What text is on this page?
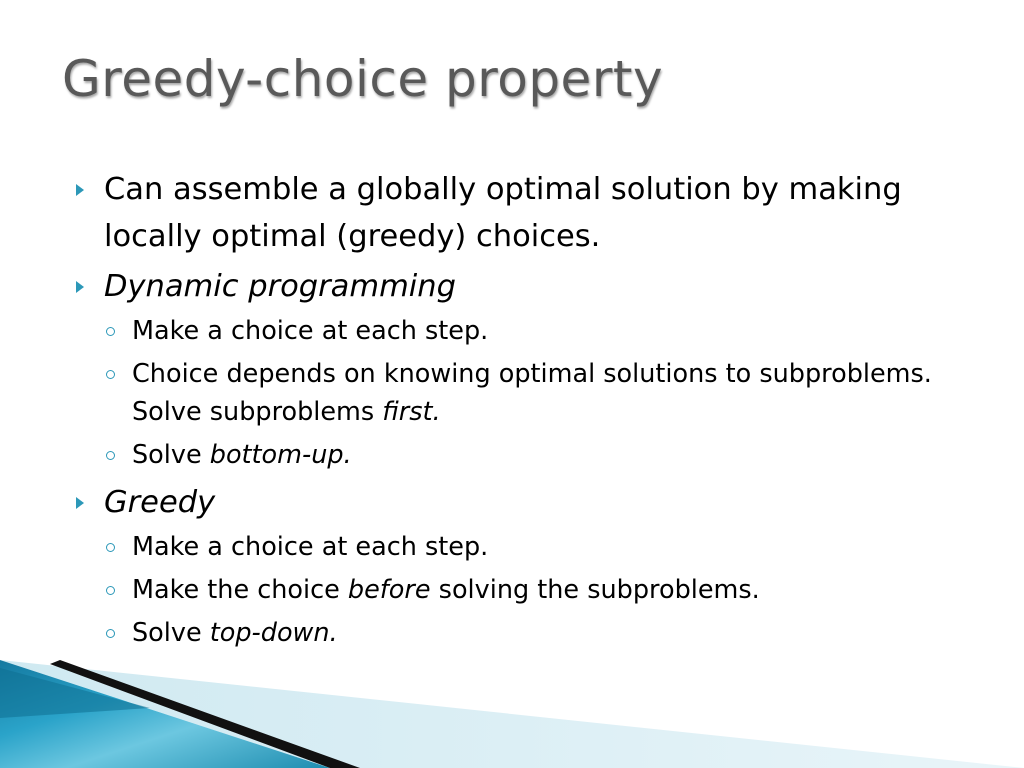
Greedy-choice property
Can assemble a globally optimal solution by making locally optimal (greedy) choices.
Dynamic programming
Make a choice at each step.
Choice depends on knowing optimal solutions to subproblems. Solve subproblems first.
Solve bottom-up.
Greedy
Make a choice at each step.
Make the choice before solving the subproblems.
Solve top-down.
